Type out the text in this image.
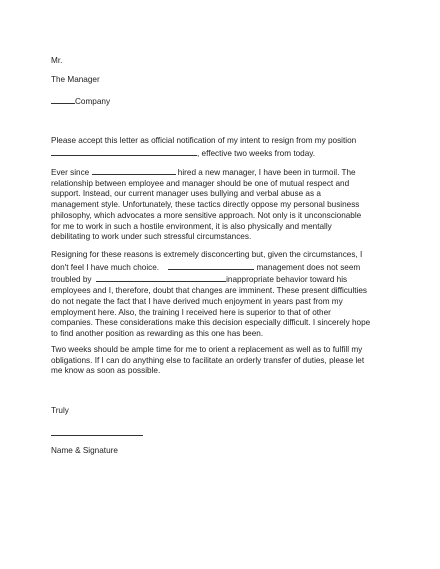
Mr.

The Manager

Company

Please accept this letter as official notification of my intent to resign from my position
, effective two weeks from today.
Ever since	hired a new manager, I have been in turmoil. The
relationship between employee and manager should be one of mutual respect and
support. Instead, our current manager uses bullying and verbal abuse as a
management style. Unfortunately, these tactics directly oppose my personal business
philosophy, which advocates a more sensitive approach. Not only is it unconscionable
for me to work in such a hostile environment, it is also physically and mentally
debilitating to work under such stressful circumstances.
Resigning for these reasons is extremely disconcerting but, given the circumstances, I
don't feel I have much choice.	management does not seem
troubled by	inappropriate behavior toward his
employees and I, therefore, doubt that changes are imminent. These present difficulties
do not negate the fact that I have derived much enjoyment in years past from my
employment here. Also, the training I received here is superior to that of other
companies. These considerations make this decision especially difficult. I sincerely hope
to find another position as rewarding as this one has been.
Two weeks should be ample time for me to orient a replacement as well as to fulfill my
obligations. If I can do anything else to facilitate an orderly transfer of duties, please let
me know as soon as possible.

Truly

Name & Signature
